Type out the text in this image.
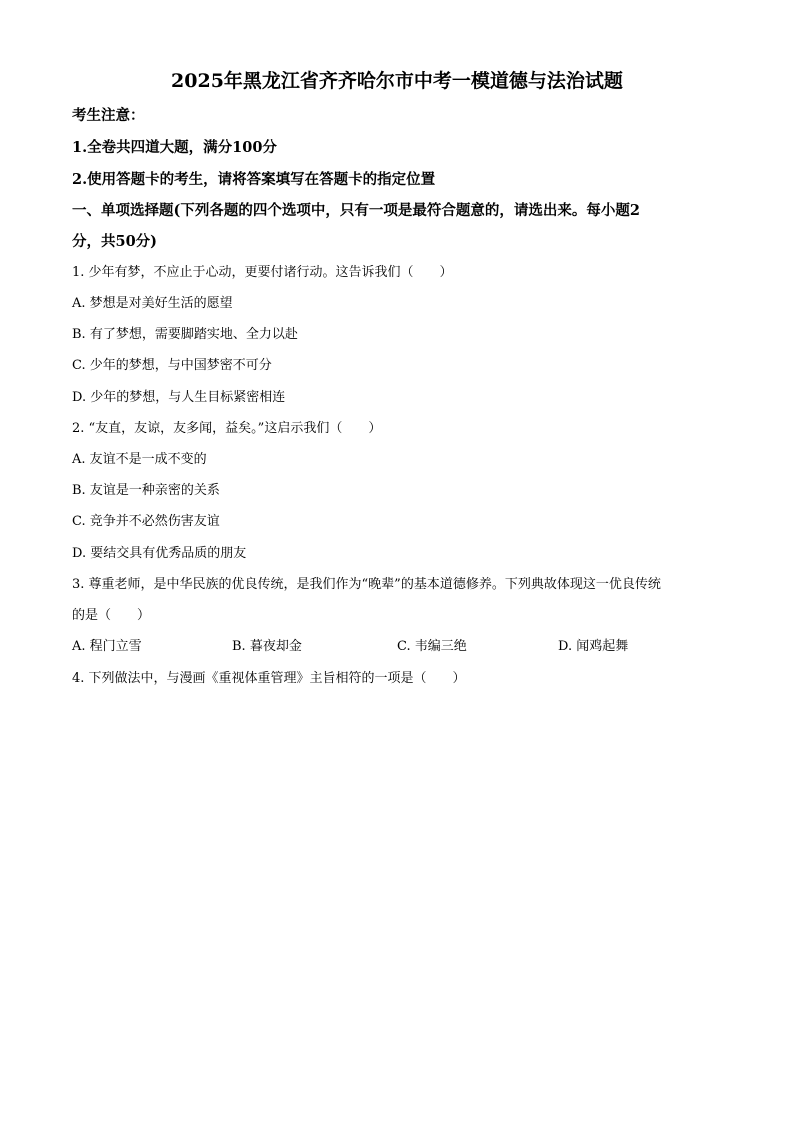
2025年黑龙江省齐齐哈尔市中考一模道德与法治试题
考生注意：
1.全卷共四道大题，满分100分
2.使用答题卡的考生，请将答案填写在答题卡的指定位置
一、单项选择题(下列各题的四个选项中，只有一项是最符合题意的，请选出来。每小题2
分，共50分)
1. 少年有梦，不应止于心动，更要付诸行动。这告诉我们（　　）
A. 梦想是对美好生活的愿望
B. 有了梦想，需要脚踏实地、全力以赴
C. 少年的梦想，与中国梦密不可分
D. 少年的梦想，与人生目标紧密相连
2. “友直，友谅，友多闻，益矣。”这启示我们（　　）
A. 友谊不是一成不变的
B. 友谊是一种亲密的关系
C. 竞争并不必然伤害友谊
D. 要结交具有优秀品质的朋友
3. 尊重老师，是中华民族的优良传统，是我们作为“晚辈”的基本道德修养。下列典故体现这一优良传统
的是（　　）
A. 程门立雪	B. 暮夜却金	C. 韦编三绝	D. 闻鸡起舞
4. 下列做法中，与漫画《重视体重管理》主旨相符的一项是（　　）
